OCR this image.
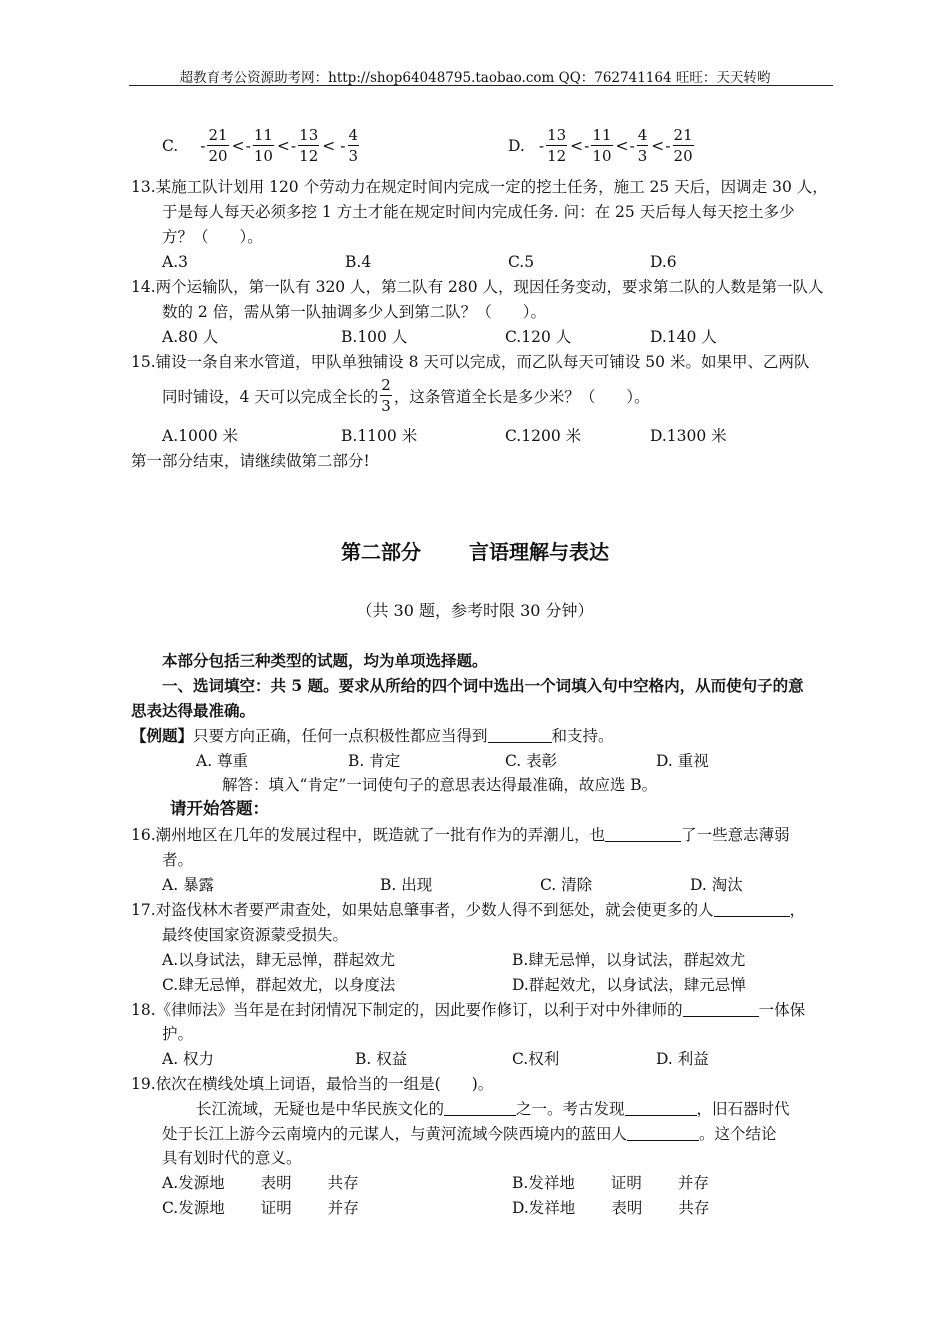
超教育考公资源助考网：http://shop64048795.taobao.com QQ：762741164 旺旺：天天转哟
C. - $\frac{21}{20}$ < - $\frac{11}{10}$ < - $\frac{13}{12}$ < - $\frac{4}{3}$	D. - $\frac{13}{12}$ < - $\frac{11}{10}$ < - $\frac{4}{3}$ < - $\frac{21}{20}$
13.某施工队计划用 120 个劳动力在规定时间内完成一定的挖土任务，施工 25 天后，因调走 30 人，
于是每人每天必须多挖 1 方土才能在规定时间内完成任务. 问：在 25 天后每人每天挖土多少
方？（　　）。
A.3	B.4	C.5	D.6
14.两个运输队，第一队有 320 人，第二队有 280 人，现因任务变动，要求第二队的人数是第一队人
数的 2 倍，需从第一队抽调多少人到第二队？（　　）。
A.80 人	B.100 人	C.120 人	D.140 人
15.铺设一条自来水管道，甲队单独铺设 8 天可以完成，而乙队每天可铺设 50 米。如果甲、乙两队
同时铺设，4 天可以完成全长的 $\frac{2}{3}$ ，这条管道全长是多少米？（　　）。
A.1000 米	B.1100 米	C.1200 米	D.1300 米
第一部分结束，请继续做第二部分!
第二部分 言语理解与表达
（共 30 题，参考时限 30 分钟）
本部分包括三种类型的试题，均为单项选择题。
一、选词填空：共 5 题。要求从所给的四个词中选出一个词填入句中空格内，从而使句子的意
思表达得最准确。
【例题】只要方向正确，任何一点积极性都应当得到	和支持。
A. 尊重	B. 肯定	C. 表彰	D. 重视
解答：填入“肯定”一词使句子的意思表达得最准确，故应选 B。
请开始答题：
16.潮州地区在几年的发展过程中，既造就了一批有作为的弄潮儿，也	了一些意志薄弱
者。
A. 暴露	B. 出现	C. 清除	D. 淘汰
17.对盗伐林木者要严肃查处，如果姑息肇事者，少数人得不到惩处，就会使更多的人	，
最终使国家资源蒙受损失。
A.以身试法，肆无忌惮，群起效尤	B.肆无忌惮，以身试法，群起效尤
C.肆无忌惮，群起效尤，以身度法	D.群起效尤，以身试法，肆元忌惮
18.《律师法》当年是在封闭情况下制定的，因此要作修订，以利于对中外律师的	一体保
护。
A. 权力	B. 权益	C.权利	D. 利益
19.依次在横线处填上词语，最恰当的一组是(　　)。
长江流域，无疑也是中华民族文化的	之一。考古发现	，旧石器时代
处于长江上游今云南境内的元谋人，与黄河流域今陕西境内的蓝田人	。这个结论
具有划时代的意义。
A.发源地 表明 共存	B.发祥地 证明 并存
C.发源地 证明 并存	D.发祥地 表明 共存
